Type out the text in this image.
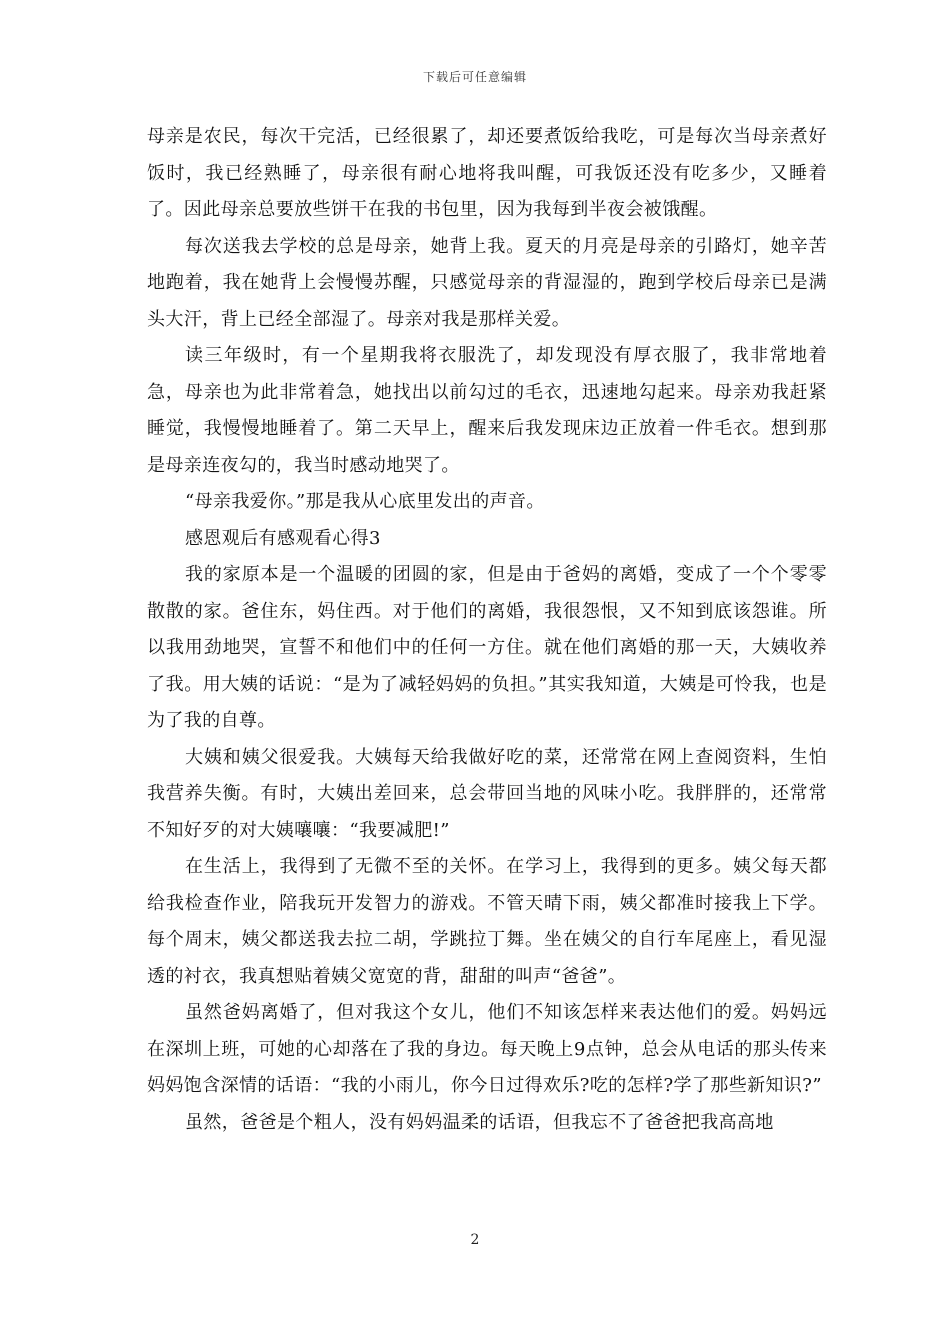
下载后可任意编辑

母亲是农民，每次干完活，已经很累了，却还要煮饭给我吃，可是每次当母亲煮好饭时，我已经熟睡了，母亲很有耐心地将我叫醒，可我饭还没有吃多少，又睡着了。因此母亲总要放些饼干在我的书包里，因为我每到半夜会被饿醒。

每次送我去学校的总是母亲，她背上我。夏天的月亮是母亲的引路灯，她辛苦地跑着，我在她背上会慢慢苏醒，只感觉母亲的背湿湿的，跑到学校后母亲已是满头大汗，背上已经全部湿了。母亲对我是那样关爱。

读三年级时，有一个星期我将衣服洗了，却发现没有厚衣服了，我非常地着急，母亲也为此非常着急，她找出以前勾过的毛衣，迅速地勾起来。母亲劝我赶紧睡觉，我慢慢地睡着了。第二天早上，醒来后我发现床边正放着一件毛衣。想到那是母亲连夜勾的，我当时感动地哭了。

“母亲我爱你。”那是我从心底里发出的声音。

感恩观后有感观看心得3

我的家原本是一个温暖的团圆的家，但是由于爸妈的离婚，变成了一个个零零散散的家。爸住东，妈住西。对于他们的离婚，我很怨恨，又不知到底该怨谁。所以我用劲地哭，宣誓不和他们中的任何一方住。就在他们离婚的那一天，大姨收养了我。用大姨的话说：“是为了减轻妈妈的负担。”其实我知道，大姨是可怜我，也是为了我的自尊。

大姨和姨父很爱我。大姨每天给我做好吃的菜，还常常在网上查阅资料，生怕我营养失衡。有时，大姨出差回来，总会带回当地的风味小吃。我胖胖的，还常常不知好歹的对大姨嚷嚷：“我要减肥!”

在生活上，我得到了无微不至的关怀。在学习上，我得到的更多。姨父每天都给我检查作业，陪我玩开发智力的游戏。不管天晴下雨，姨父都准时接我上下学。每个周末，姨父都送我去拉二胡，学跳拉丁舞。坐在姨父的自行车尾座上，看见湿透的衬衣，我真想贴着姨父宽宽的背，甜甜的叫声“爸爸”。

虽然爸妈离婚了，但对我这个女儿，他们不知该怎样来表达他们的爱。妈妈远在深圳上班，可她的心却落在了我的身边。每天晚上9点钟，总会从电话的那头传来妈妈饱含深情的话语：“我的小雨儿，你今日过得欢乐?吃的怎样?学了那些新知识?”

虽然，爸爸是个粗人，没有妈妈温柔的话语，但我忘不了爸爸把我高高地

2
